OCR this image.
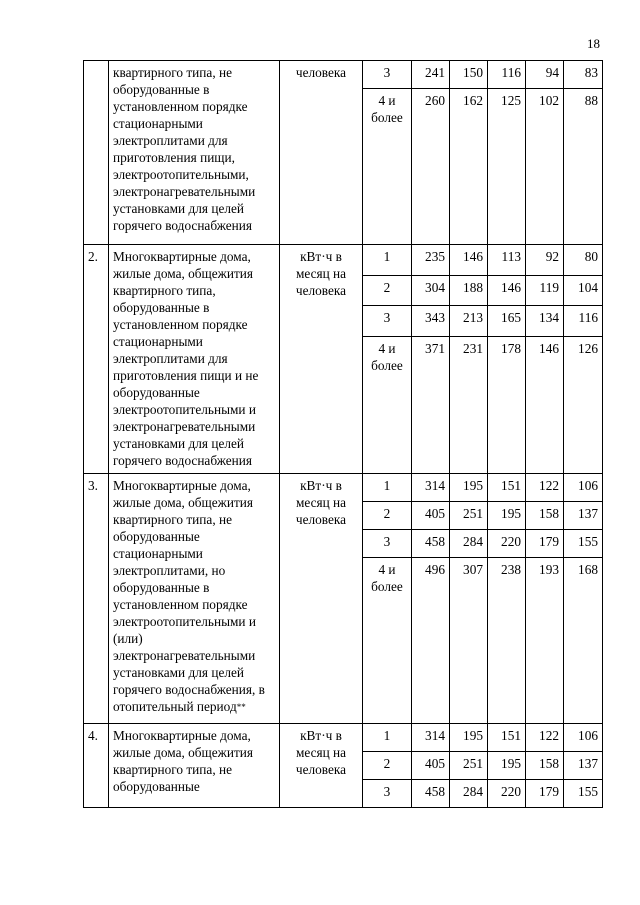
18
	квартирного типа, не оборудованные в установленном порядке стационарными электроплитами для приготовления пищи, электроотопительными, электронагревательными установками для целей горячего водоснабжения	человека	3	241	150	116	94	83
			4 и более	260	162	125	102	88
2.	Многоквартирные дома, жилые дома, общежития квартирного типа, оборудованные в установленном порядке стационарными электроплитами для приготовления пищи и не оборудованные электроотопительными и электронагревательными установками для целей горячего водоснабжения	кВт·ч в месяц на человека	1	235	146	113	92	80
			2	304	188	146	119	104
			3	343	213	165	134	116
			4 и более	371	231	178	146	126
3.	Многоквартирные дома, жилые дома, общежития квартирного типа, не оборудованные стационарными электроплитами, но оборудованные в установленном порядке электроотопительными и (или) электронагревательными установками для целей горячего водоснабжения, в отопительный период**	кВт·ч в месяц на человека	1	314	195	151	122	106
			2	405	251	195	158	137
			3	458	284	220	179	155
			4 и более	496	307	238	193	168
4.	Многоквартирные дома, жилые дома, общежития квартирного типа, не оборудованные	кВт·ч в месяц на человека	1	314	195	151	122	106
			2	405	251	195	158	137
			3	458	284	220	179	155
